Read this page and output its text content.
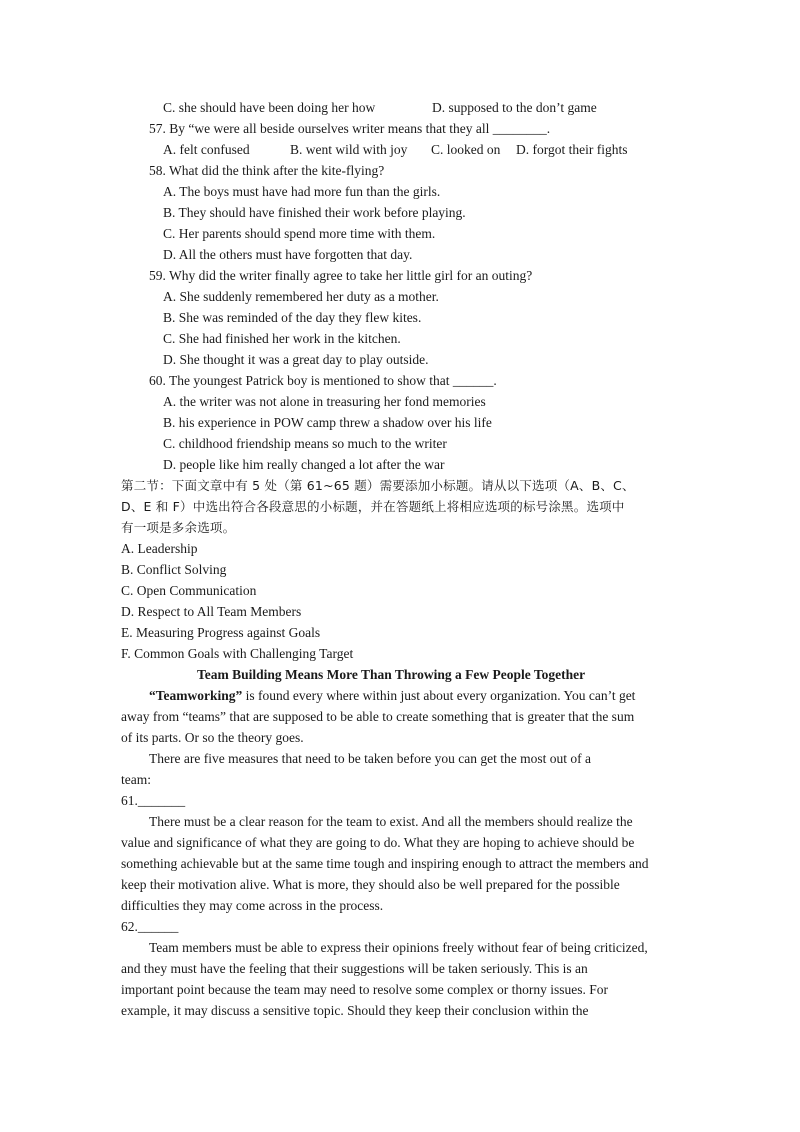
C. she should have been doing her how	D. supposed to the don’t game
57. By “we were all beside ourselves writer means that they all ________.
A. felt confused	B. went wild with joy C. looked on D. forgot their fights
58. What did the think after the kite-flying?
A. The boys must have had more fun than the girls.
B. They should have finished their work before playing.
C. Her parents should spend more time with them.
D. All the others must have forgotten that day.
59. Why did the writer finally agree to take her little girl for an outing?
A. She suddenly remembered her duty as a mother.
B. She was reminded of the day they flew kites.
C. She had finished her work in the kitchen.
D. She thought it was a great day to play outside.
60. The youngest Patrick boy is mentioned to show that ______.
A. the writer was not alone in treasuring her fond memories
B. his experience in POW camp threw a shadow over his life
C. childhood friendship means so much to the writer
D. people like him really changed a lot after the war
第二节：下面文章中有 5 处（第 61~65 题）需要添加小标题。请从以下选项（A、B、C、
D、E 和 F）中选出符合各段意思的小标题，并在答题纸上将相应选项的标号涂黑。选项中
有一项是多余选项。
A. Leadership
B. Conflict Solving
C. Open Communication
D. Respect to All Team Members
E. Measuring Progress against Goals
F. Common Goals with Challenging Target
Team Building Means More Than Throwing a Few People Together
“Teamworking” is found every where within just about every organization. You can’t get
away from “teams” that are supposed to be able to create something that is greater that the sum
of its parts. Or so the theory goes.
There are five measures that need to be taken before you can get the most out of a
team:
61._______
There must be a clear reason for the team to exist. And all the members should realize the
value and significance of what they are going to do. What they are hoping to achieve should be
something achievable but at the same time tough and inspiring enough to attract the members and
keep their motivation alive. What is more, they should also be well prepared for the possible
difficulties they may come across in the process.
62.______
Team members must be able to express their opinions freely without fear of being criticized,
and they must have the feeling that their suggestions will be taken seriously. This is an
important point because the team may need to resolve some complex or thorny issues. For
example, it may discuss a sensitive topic. Should they keep their conclusion within the
